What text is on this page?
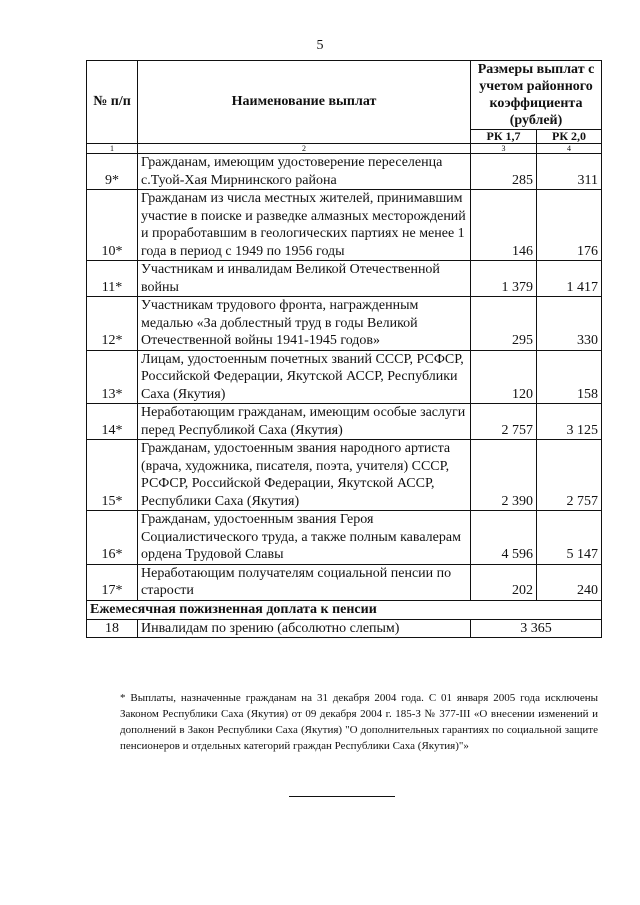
5
№ п/п	Наименование выплат	Размеры выплат с учетом районного коэффициента (рублей)	
		РК 1,7	РК 2,0
1	2	3	4
9*	Гражданам, имеющим удостоверение переселенца с.Туой-Хая Мирнинского района	285	311
10*	Гражданам из числа местных жителей, принимавшим участие в поиске и разведке алмазных месторождений и проработавшим в геологических партиях не менее 1 года в период с 1949 по 1956 годы	146	176
11*	Участникам и инвалидам Великой Отечественной войны	1 379	1 417
12*	Участникам трудового фронта, награжденным медалью «За доблестный труд в годы Великой Отечественной войны 1941-1945 годов»	295	330
13*	Лицам, удостоенным почетных званий СССР, РСФСР, Российской Федерации, Якутской АССР, Республики Саха (Якутия)	120	158
14*	Неработающим гражданам, имеющим особые заслуги перед Республикой Саха (Якутия)	2 757	3 125
15*	Гражданам, удостоенным звания народного артиста (врача, художника, писателя, поэта, учителя) СССР, РСФСР, Российской Федерации, Якутской АССР, Республики Саха (Якутия)	2 390	2 757
16*	Гражданам, удостоенным звания Героя Социалистического труда, а также полным кавалерам ордена Трудовой Славы	4 596	5 147
17*	Неработающим получателям социальной пенсии по старости	202	240
Ежемесячная пожизненная доплата к пенсии			
18	Инвалидам по зрению (абсолютно слепым)	3 365	

* Выплаты, назначенные гражданам на 31 декабря 2004 года. С 01 января 2005 года исключены Законом Республики Саха (Якутия) от 09 декабря 2004 г. 185-З № 377-III «О внесении изменений и дополнений в Закон Республики Саха (Якутия) "О дополнительных гарантиях по социальной защите пенсионеров и отдельных категорий граждан Республики Саха (Якутия)"»
